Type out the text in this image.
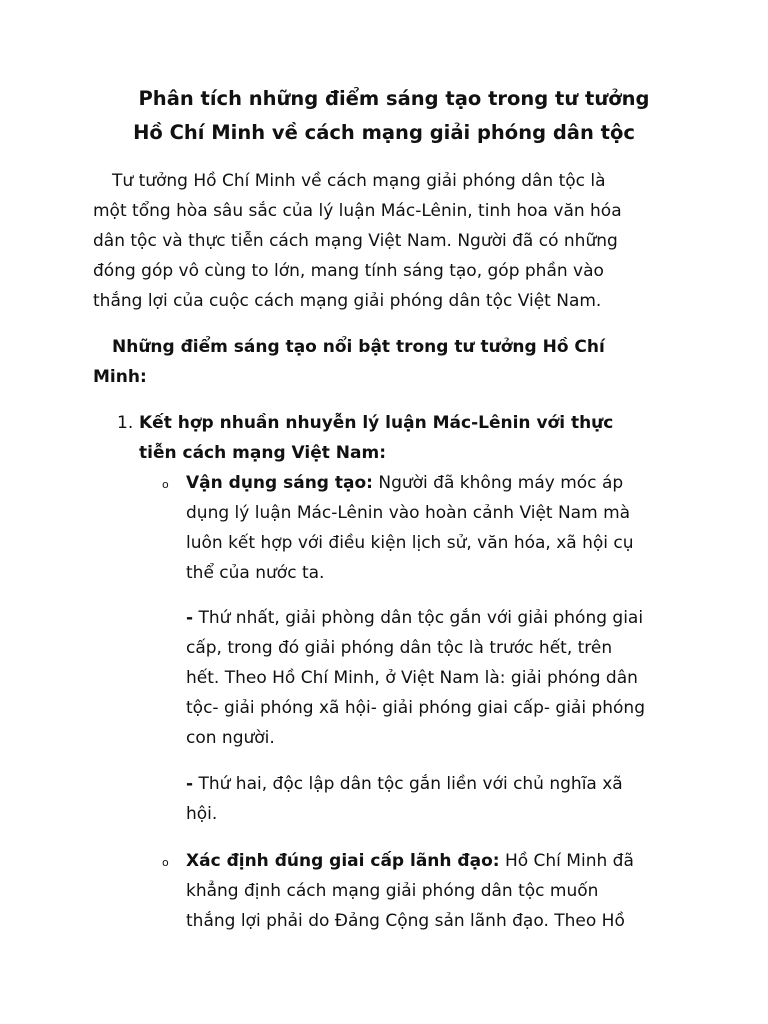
Phân tích những điểm sáng tạo trong tư tưởng
Hồ Chí Minh về cách mạng giải phóng dân tộc
Tư tưởng Hồ Chí Minh về cách mạng giải phóng dân tộc là
một tổng hòa sâu sắc của lý luận Mác-Lênin, tinh hoa văn hóa
dân tộc và thực tiễn cách mạng Việt Nam. Người đã có những
đóng góp vô cùng to lớn, mang tính sáng tạo, góp phần vào
thắng lợi của cuộc cách mạng giải phóng dân tộc Việt Nam.
Những điểm sáng tạo nổi bật trong tư tưởng Hồ Chí
Minh:
1. Kết hợp nhuần nhuyễn lý luận Mác-Lênin với thực
tiễn cách mạng Việt Nam:
o Vận dụng sáng tạo: Người đã không máy móc áp
dụng lý luận Mác-Lênin vào hoàn cảnh Việt Nam mà
luôn kết hợp với điều kiện lịch sử, văn hóa, xã hội cụ
thể của nước ta.
- Thứ nhất, giải phòng dân tộc gắn với giải phóng giai
cấp, trong đó giải phóng dân tộc là trước hết, trên
hết. Theo Hồ Chí Minh, ở Việt Nam là: giải phóng dân
tộc- giải phóng xã hội- giải phóng giai cấp- giải phóng
con người.
- Thứ hai, độc lập dân tộc gắn liền với chủ nghĩa xã
hội.
o Xác định đúng giai cấp lãnh đạo: Hồ Chí Minh đã
khẳng định cách mạng giải phóng dân tộc muốn
thắng lợi phải do Đảng Cộng sản lãnh đạo. Theo Hồ
